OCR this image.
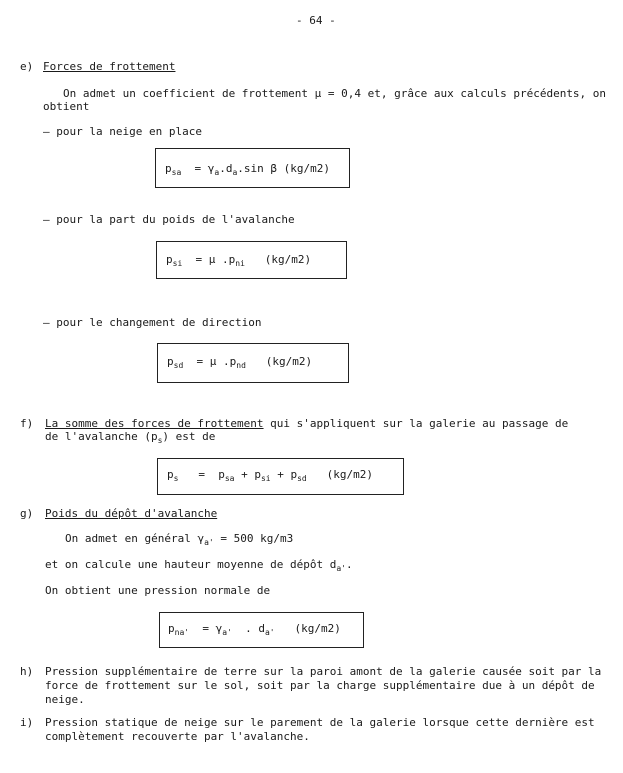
- 64 -
e) Forces de frottement
On admet un coefficient de frottement μ = 0,4 et, grâce aux calculs précédents, on
obtient
– pour la neige en place
$p_{sa} = \gamma_a.d_a.\sin$ β (kg/m2)
– pour la part du poids de l'avalanche
$p_{si} = \mu$ $.p_{ni}$ (kg/m2)
– pour le changement de direction
$p_{sd} = \mu$ $.p_{nd}$ (kg/m2)
f) La somme des forces de frottement qui s'appliquent sur la galerie au passage de
de l'avalanche $(p_s)$ est de
$p_s = p_{sa} + p_{si} + p_{sd}$ (kg/m2)
g) Poids du dépôt d'avalanche
On admet en général $\gamma_{a'} = 500$ kg/m3
et on calcule une hauteur moyenne de dépôt $d_{a'}$.
On obtient une pression normale de
$p_{na'} = \gamma_{a'}$ . $d_{a'}$ (kg/m2)
h) Pression supplémentaire de terre sur la paroi amont de la galerie causée soit par la force de frottement sur le sol, soit par la charge supplémentaire due à un dépôt de neige.
i) Pression statique de neige sur le parement de la galerie lorsque cette dernière est complètement recouverte par l'avalanche.
